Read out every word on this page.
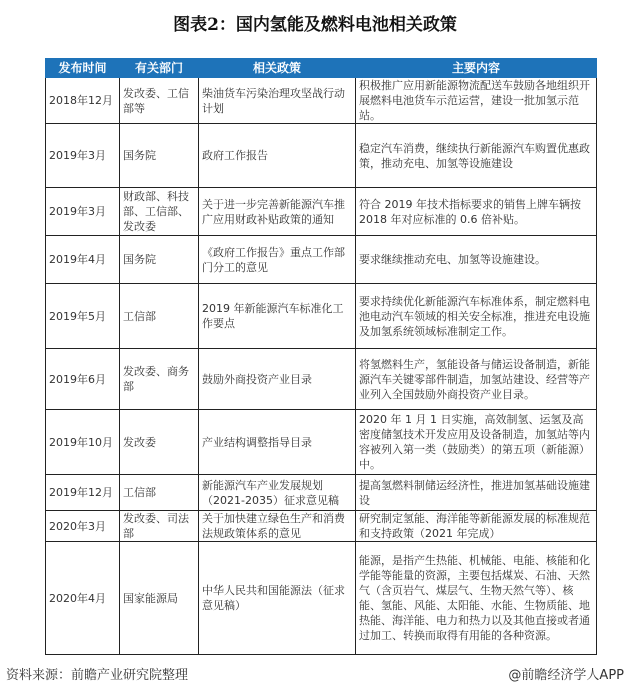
图表2：国内氢能及燃料电池相关政策
发布时间	有关部门	相关政策	主要内容
2018年12月	发改委、工信部等	柴油货车污染治理攻坚战行动计划	积极推广应用新能源物流配送车鼓励各地组织开展燃料电池货车示范运营，建设一批加氢示范站。
2019年3月	国务院	政府工作报告	稳定汽车消费，继续执行新能源汽车购置优惠政策，推动充电、加氢等设施建设
2019年3月	财政部、科技部、工信部、发改委	关于进一步完善新能源汽车推广应用财政补贴政策的通知	符合 2019 年技术指标要求的销售上牌车辆按 2018 年对应标准的 0.6 倍补贴。
2019年4月	国务院	《政府工作报告》重点工作部门分工的意见	要求继续推动充电、加氢等设施建设。
2019年5月	工信部	2019 年新能源汽车标准化工作要点	要求持续优化新能源汽车标准体系，制定燃料电池电动汽车领域的相关安全标准，推进充电设施及加氢系统领域标准制定工作。
2019年6月	发改委、商务部	鼓励外商投资产业目录	将氢燃料生产，氢能设备与储运设备制造，新能源汽车关键零部件制造，加氢站建设、经营等产业列入全国鼓励外商投资产业目录。
2019年10月	发改委	产业结构调整指导目录	2020 年 1 月 1 日实施，高效制氢、运氢及高密度储氢技术开发应用及设备制造，加氢站等内容被列入第一类（鼓励类）的第五项（新能源）中。
2019年12月	工信部	新能源汽车产业发展规划（2021-2035）征求意见稿	提高氢燃料制储运经济性，推进加氢基础设施建设
2020年3月	发改委、司法部	关于加快建立绿色生产和消费法规政策体系的意见	研究制定氢能、海洋能等新能源发展的标准规范和支持政策（2021 年完成）
2020年4月	国家能源局	中华人民共和国能源法（征求意见稿）	能源，是指产生热能、机械能、电能、核能和化学能等能量的资源，主要包括煤炭、石油、天然气（含页岩气、煤层气、生物天然气等）、核能、氢能、风能、太阳能、水能、生物质能、地热能、海洋能、电力和热力以及其他直接或者通过加工、转换而取得有用能的各种资源。
资料来源：前瞻产业研究院整理	@前瞻经济学人APP
